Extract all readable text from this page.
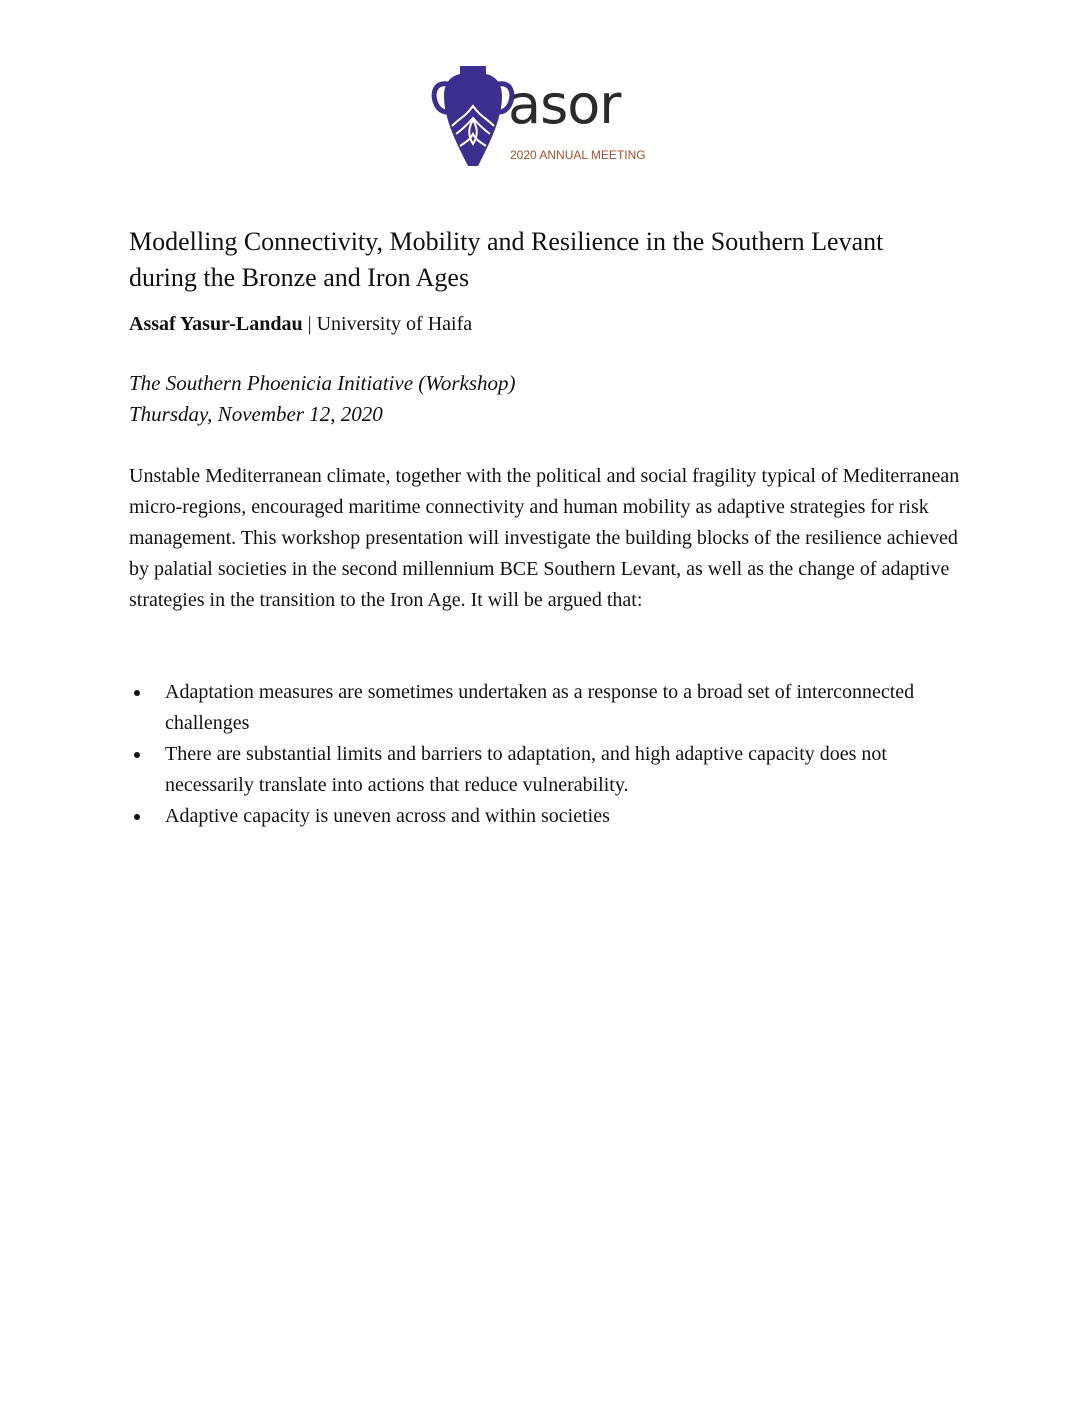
asor
2020 ANNUAL MEETING
Modelling Connectivity, Mobility and Resilience in the Southern Levant during the Bronze and Iron Ages
Assaf Yasur-Landau | University of Haifa
The Southern Phoenicia Initiative (Workshop)
Thursday, November 12, 2020

Unstable Mediterranean climate, together with the political and social fragility typical of Mediterranean micro-regions, encouraged maritime connectivity and human mobility as adaptive strategies for risk management. This workshop presentation will investigate the building blocks of the resilience achieved by palatial societies in the second millennium BCE Southern Levant, as well as the change of adaptive strategies in the transition to the Iron Age. It will be argued that:

Adaptation measures are sometimes undertaken as a response to a broad set of interconnected challenges
There are substantial limits and barriers to adaptation, and high adaptive capacity does not necessarily translate into actions that reduce vulnerability.
Adaptive capacity is uneven across and within societies
